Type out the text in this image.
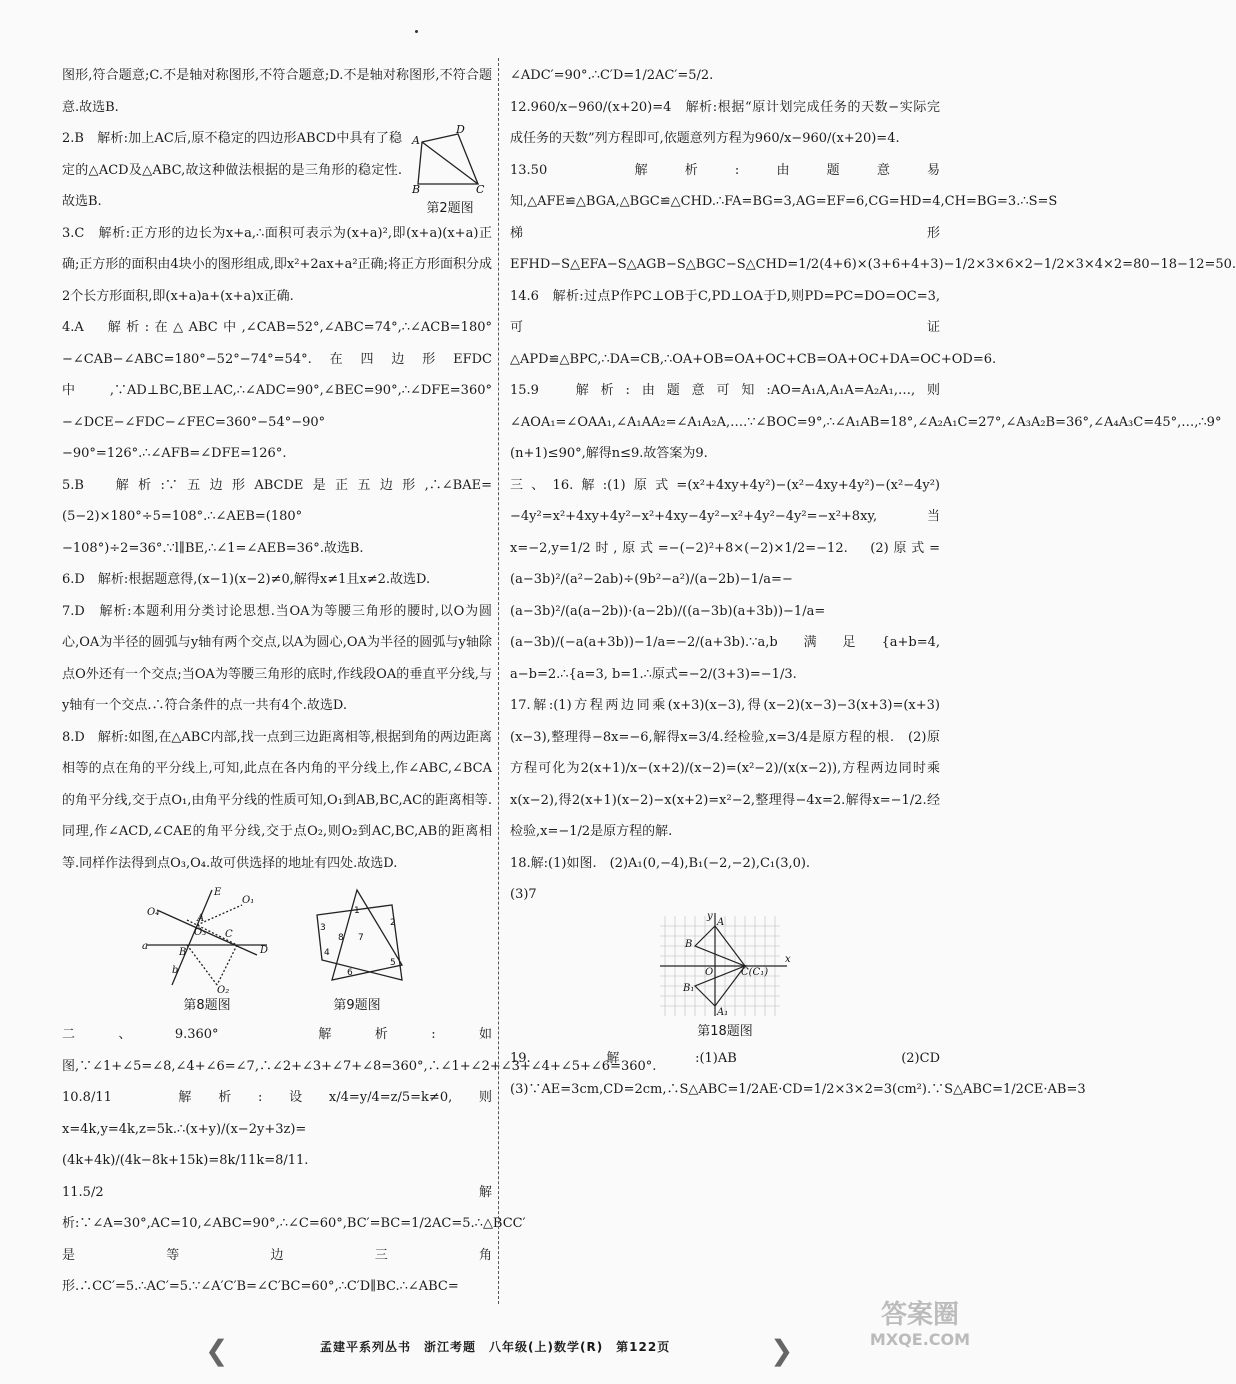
图形,符合题意;C.不是轴对称图形,不符合题意;D.不是轴对称图形,不符合题意.故选B.

2.B　解析:加上AC后,原不稳定的四边形ABCD中具有了稳定的△ACD及△ABC,故这种做法根据的是三角形的稳定性.故选B.

3.C　解析:正方形的边长为x+a,∴面积可表示为(x+a)²,即(x+a)(x+a)正确;正方形的面积由4块小的图形组成,即x²+2ax+a²正确;将正方形面积分成2个长方形面积,即(x+a)a+(x+a)x正确.

4.A　解析:在△ABC中,∠CAB=52°,∠ABC=74°,∴∠ACB=180°−∠CAB−∠ABC=180°−52°−74°=54°.在四边形EFDC中,∵AD⊥BC,BE⊥AC,∴∠ADC=90°,∠BEC=90°,∴∠DFE=360°−∠DCE−∠FDC−∠FEC=360°−54°−90°−90°=126°.∴∠AFB=∠DFE=126°.

5.B　解析:∵五边形ABCDE是正五边形,∴∠BAE=(5−2)×180°÷5=108°.∴∠AEB=(180°−108°)÷2=36°.∵l∥BE,∴∠1=∠AEB=36°.故选B.

6.D　解析:根据题意得,(x−1)(x−2)≠0,解得x≠1且x≠2.故选D.

7.D　解析:本题利用分类讨论思想.当OA为等腰三角形的腰时,以O为圆心,OA为半径的圆弧与y轴有两个交点,以A为圆心,OA为半径的圆弧与y轴除点O外还有一个交点;当OA为等腰三角形的底时,作线段OA的垂直平分线,与y轴有一个交点.∴符合条件的点一共有4个.故选D.

8.D　解析:如图,在△ABC内部,找一点到三边距离相等,根据到角的两边距离相等的点在角的平分线上,可知,此点在各内角的平分线上,作∠ABC,∠BCA的角平分线,交于点O₁,由角平分线的性质可知,O₁到AB,BC,AC的距离相等.同理,作∠ACD,∠CAE的角平分线,交于点O₂,则O₂到AC,BC,AB的距离相等.同样作法得到点O₃,O₄.故可供选择的地址有四处.故选D.

E
O₁
O₄
A
O₃ C
a
B	D
b
O₂
第8题图
1
2
3
8 7
4
5
6
第9题图

二、9.360°　解析:如图,∵∠1+∠5=∠8,∠4+∠6=∠7,∴∠2+∠3+∠7+∠8=360°,∴∠1+∠2+∠3+∠4+∠5+∠6=360°.

10.8/11　解析:设x/4=y/4=z/5=k≠0,则x=4k,y=4k,z=5k.∴(x+y)/(x−2y+3z)=(4k+4k)/(4k−8k+15k)=8k/11k=8/11.

11.5/2　解析:∵∠A=30°,AC=10,∠ABC=90°,∴∠C=60°,BC′=BC=1/2AC=5.∴△BCC′是等边三角形.∴CC′=5.∴AC′=5.∵∠A′C′B=∠C′BC=60°,∴C′D∥BC.∴∠ABC=

A
D
B	C
第2题图

∠ADC′=90°.∴C′D=1/2AC′=5/2.

12.960/x−960/(x+20)=4　解析:根据“原计划完成任务的天数−实际完成任务的天数”列方程即可,依题意列方程为960/x−960/(x+20)=4.

13.50　解析:由题意易知,△AFE≌△BGA,△BGC≌△CHD.∴FA=BG=3,AG=EF=6,CG=HD=4,CH=BG=3.∴S=S梯形EFHD−S△EFA−S△AGB−S△BGC−S△CHD=1/2(4+6)×(3+6+4+3)−1/2×3×6×2−1/2×3×4×2=80−18−12=50.

14.6　解析:过点P作PC⊥OB于C,PD⊥OA于D,则PD=PC=DO=OC=3,可证△APD≌△BPC,∴DA=CB,∴OA+OB=OA+OC+CB=OA+OC+DA=OC+OD=6.

15.9　解析:由题意可知:AO=A₁A,A₁A=A₂A₁,…,则∠AOA₁=∠OAA₁,∠A₁AA₂=∠A₁A₂A,….∵∠BOC=9°,∴∠A₁AB=18°,∠A₂A₁C=27°,∠A₃A₂B=36°,∠A₄A₃C=45°,…,∴9°(n+1)≤90°,解得n≤9.故答案为9.

三、16.解:(1)原式=(x²+4xy+4y²)−(x²−4xy+4y²)−(x²−4y²)−4y²=x²+4xy+4y²−x²+4xy−4y²−x²+4y²−4y²=−x²+8xy,当x=−2,y=1/2时,原式=−(−2)²+8×(−2)×1/2=−12.　(2)原式=(a−3b)²/(a²−2ab)÷(9b²−a²)/(a−2b)−1/a=−(a−3b)²/(a(a−2b))·(a−2b)/((a−3b)(a+3b))−1/a=(a−3b)/(−a(a+3b))−1/a=−2/(a+3b).∵a,b满足{a+b=4, a−b=2.∴{a=3, b=1.∴原式=−2/(3+3)=−1/3.

17.解:(1)方程两边同乘(x+3)(x−3),得(x−2)(x−3)−3(x+3)=(x+3)(x−3),整理得−8x=−6,解得x=3/4.经检验,x=3/4是原方程的根.　(2)原方程可化为2(x+1)/x−(x+2)/(x−2)=(x²−2)/(x(x−2)),方程两边同时乘x(x−2),得2(x+1)(x−2)−x(x+2)=x²−2,整理得−4x=2.解得x=−1/2.经检验,x=−1/2是原方程的解.

18.解:(1)如图.　(2)A₁(0,−4),B₁(−2,−2),C₁(3,0).

(3)7

y
x
A
B
O	C(C₁)
B₁
A₁
第18题图

19.解:(1)AB　(2)CD　(3)∵AE=3cm,CD=2cm,∴S△ABC=1/2AE·CD=1/2×3×2=3(cm²).∵S△ABC=1/2CE·AB=3

❮	孟建平系列丛书　浙江考题　八年级(上)数学(R)　第122页	❯
答案圈
MXQE.COM
